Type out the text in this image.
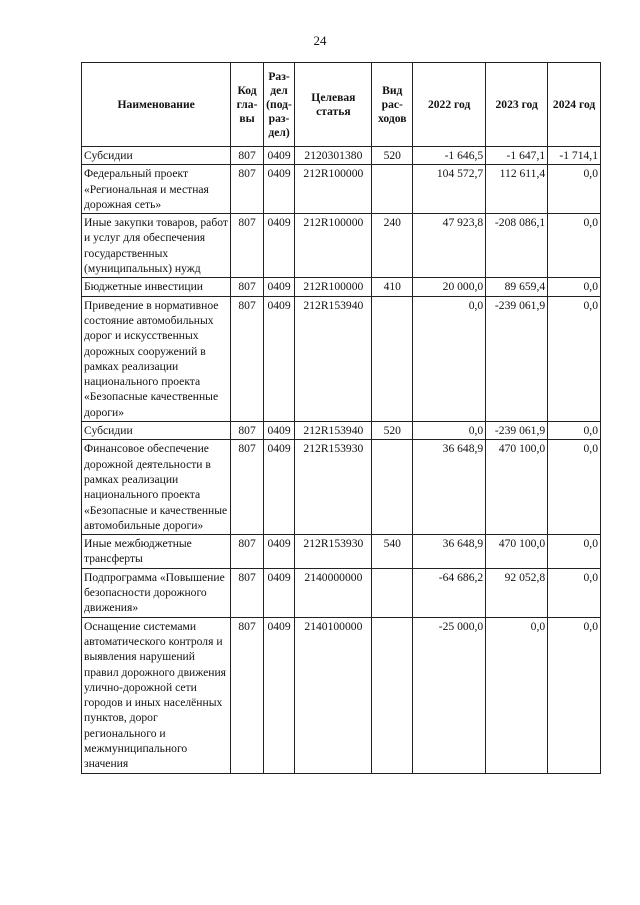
24
Наименование	Код гла-вы	Раз-дел (под-раз-дел)	Целевая статья	Вид рас-ходов	2022 год	2023 год	2024 год
Субсидии	807	0409	2120301380	520	-1 646,5	-1 647,1	-1 714,1
Федеральный проект «Региональная и местная дорожная сеть»	807	0409	212R100000		104 572,7	112 611,4	0,0
Иные закупки товаров, работ и услуг для обеспечения государственных (муниципальных) нужд	807	0409	212R100000	240	47 923,8	-208 086,1	0,0
Бюджетные инвестиции	807	0409	212R100000	410	20 000,0	89 659,4	0,0
Приведение в нормативное состояние автомобильных дорог и искусственных дорожных сооружений в рамках реализации национального проекта «Безопасные качественные дороги»	807	0409	212R153940		0,0	-239 061,9	0,0
Субсидии	807	0409	212R153940	520	0,0	-239 061,9	0,0
Финансовое обеспечение дорожной деятельности в рамках реализации национального проекта «Безопасные и качественные автомобильные дороги»	807	0409	212R153930		36 648,9	470 100,0	0,0
Иные межбюджетные трансферты	807	0409	212R153930	540	36 648,9	470 100,0	0,0
Подпрограмма «Повышение безопасности дорожного движения»	807	0409	2140000000		-64 686,2	92 052,8	0,0
Оснащение системами автоматического контроля и выявления нарушений правил дорожного движения улично-дорожной сети городов и иных населённых пунктов, дорог регионального и межмуниципального значения	807	0409	2140100000		-25 000,0	0,0	0,0
